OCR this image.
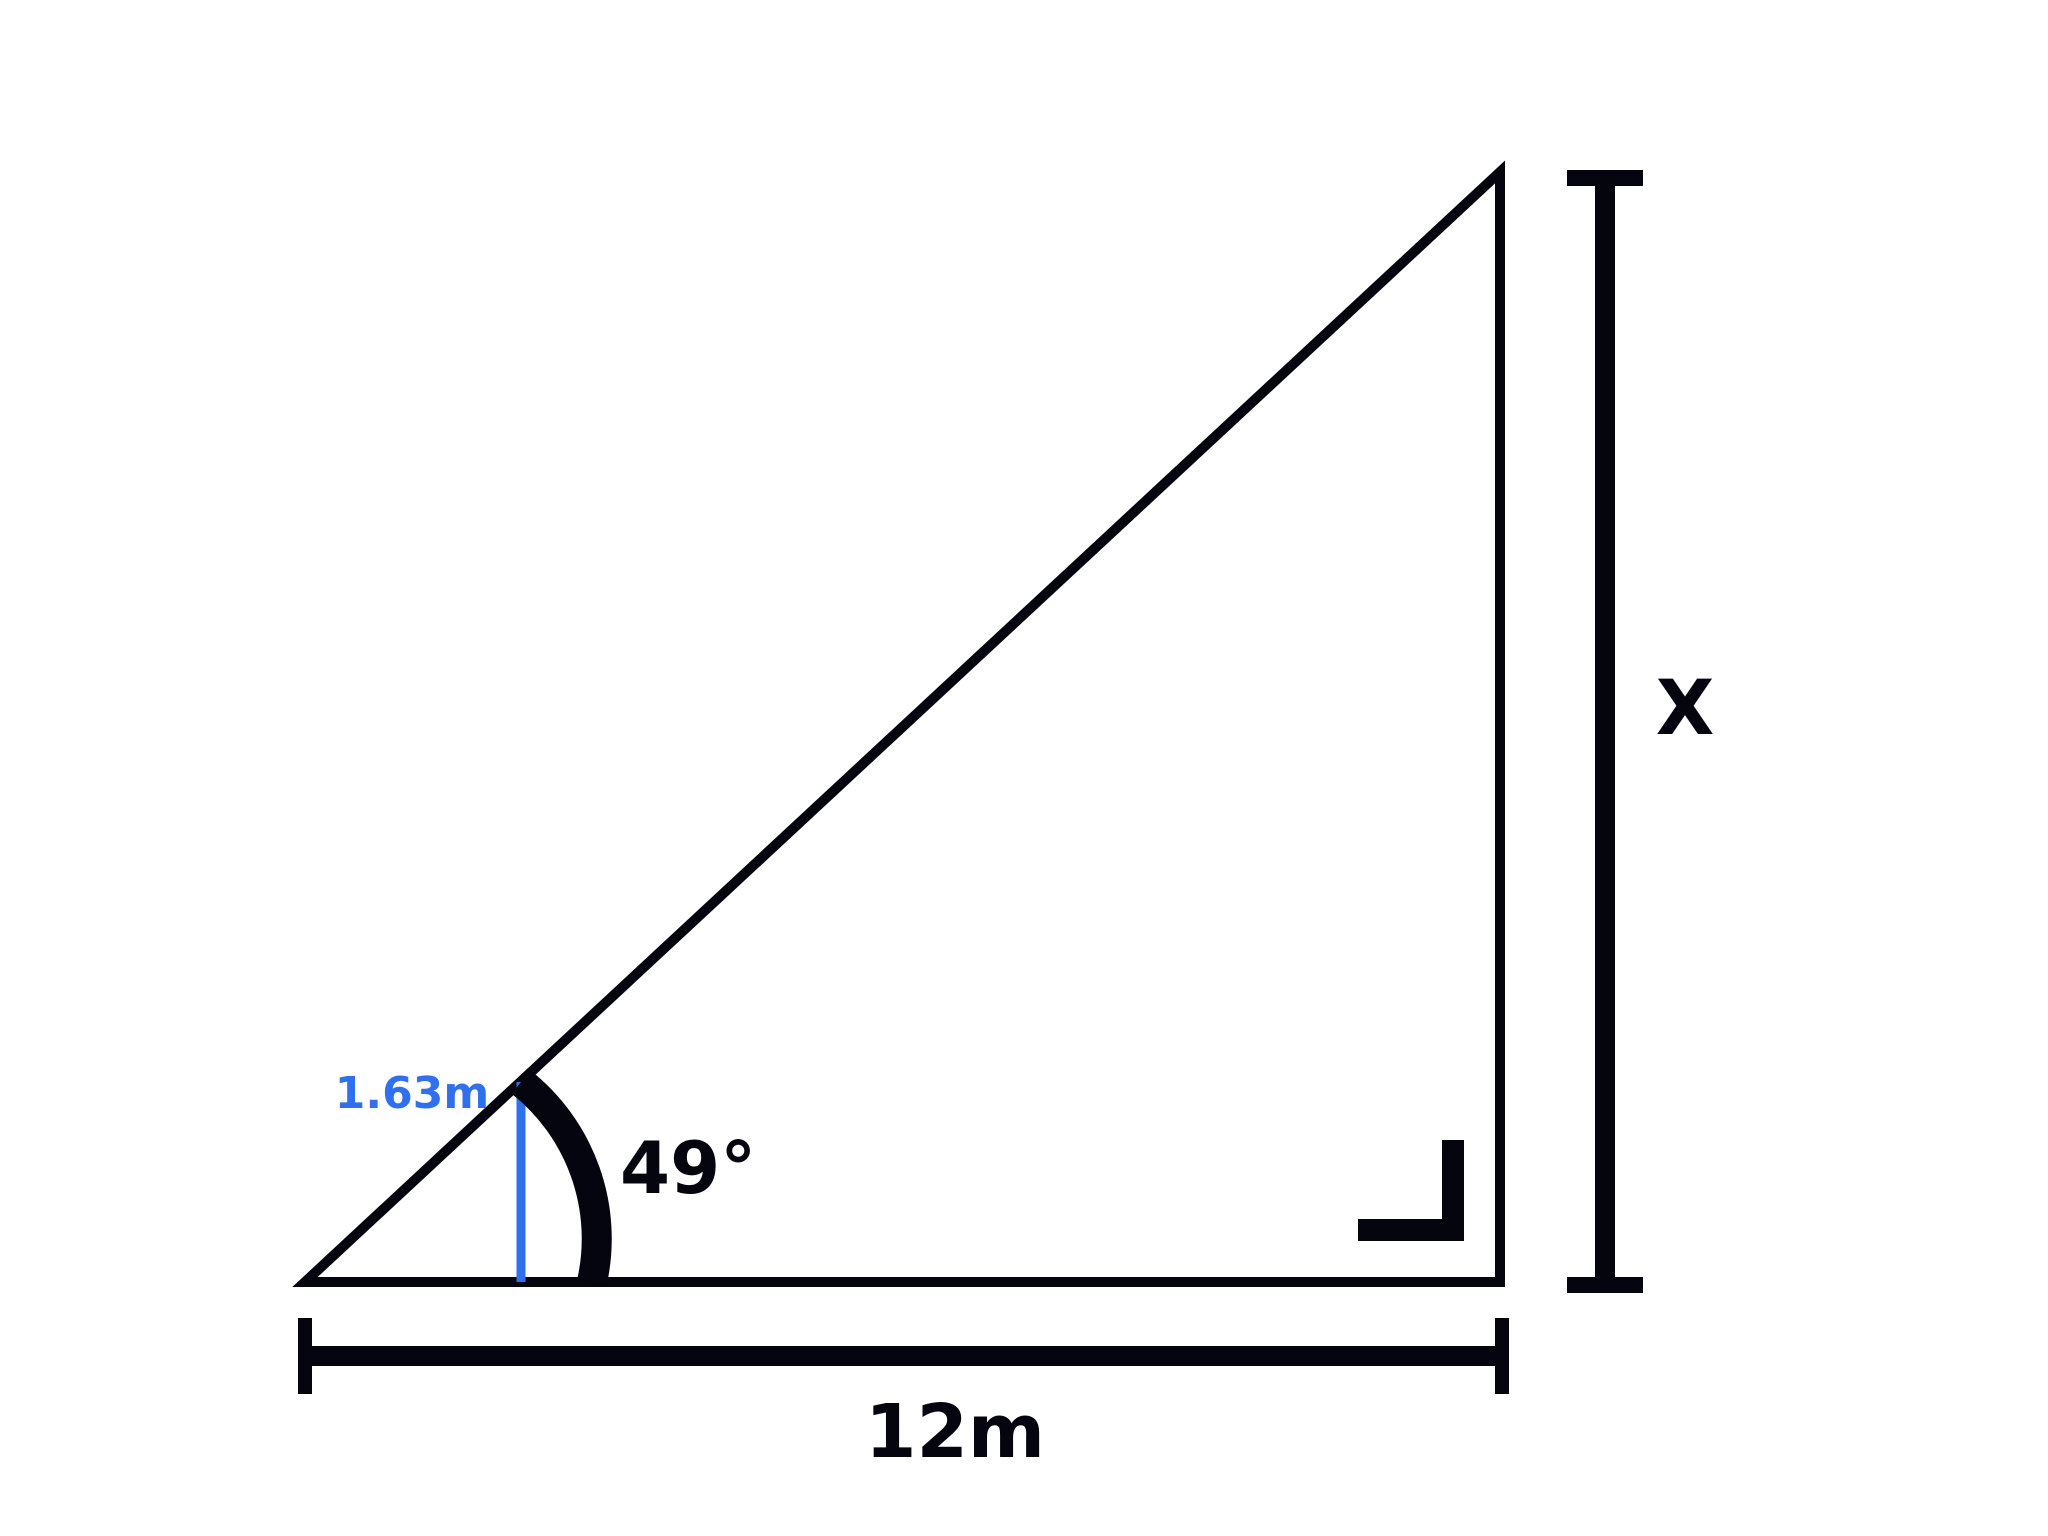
1.63m
49°
12m
X
